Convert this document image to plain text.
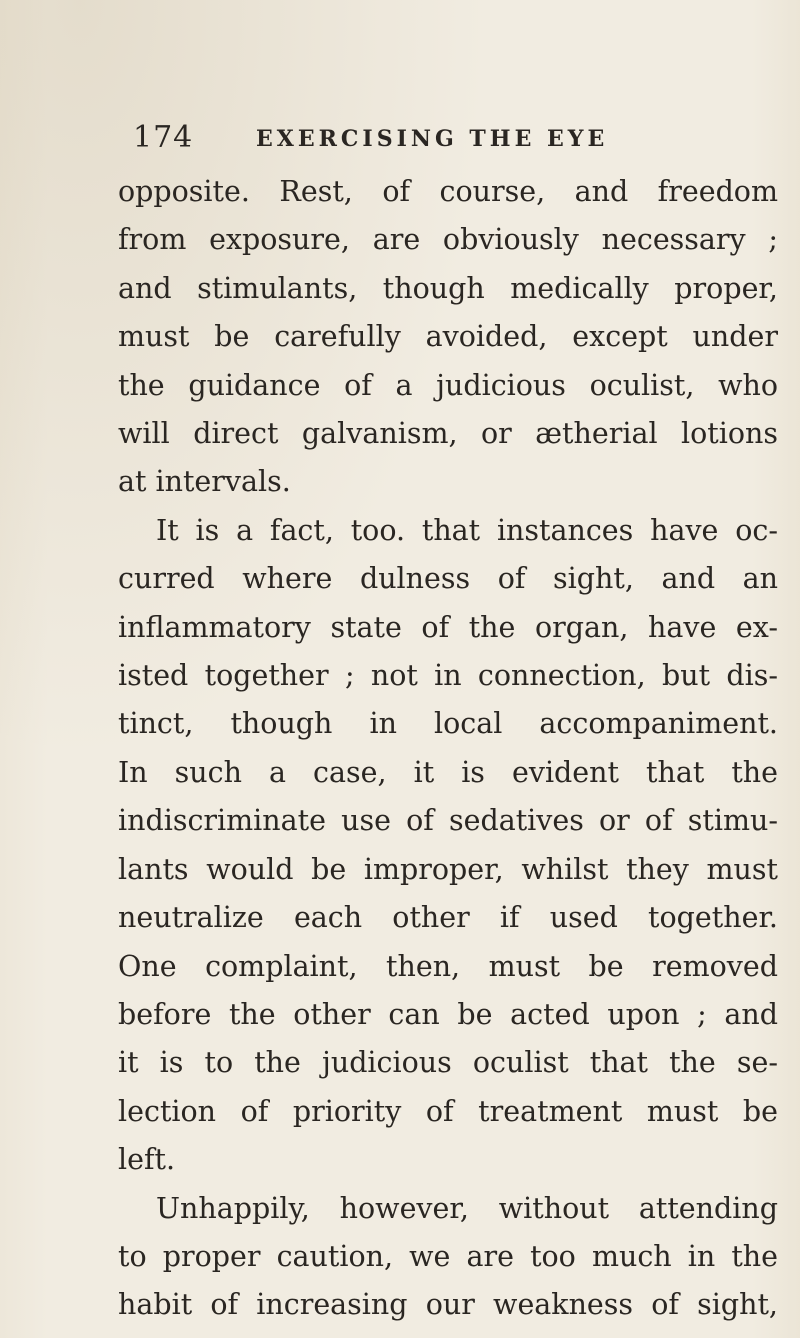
174	EXERCISING THE EYE
opposite. Rest, of course, and freedom
from exposure, are obviously necessary ;
and stimulants, though medically proper,
must be carefully avoided, except under
the guidance of a judicious oculist, who
will direct galvanism, or ætherial lotions
at intervals.
It is a fact, too. that instances have oc-
curred where dulness of sight, and an
inflammatory state of the organ, have ex-
isted together ; not in connection, but dis-
tinct, though in local accompaniment.
In such a case, it is evident that the
indiscriminate use of sedatives or of stimu-
lants would be improper, whilst they must
neutralize each other if used together.
One complaint, then, must be removed
before the other can be acted upon ; and
it is to the judicious oculist that the se-
lection of priority of treatment must be
left.
Unhappily, however, without attending
to proper caution, we are too much in the
habit of increasing our weakness of sight,
